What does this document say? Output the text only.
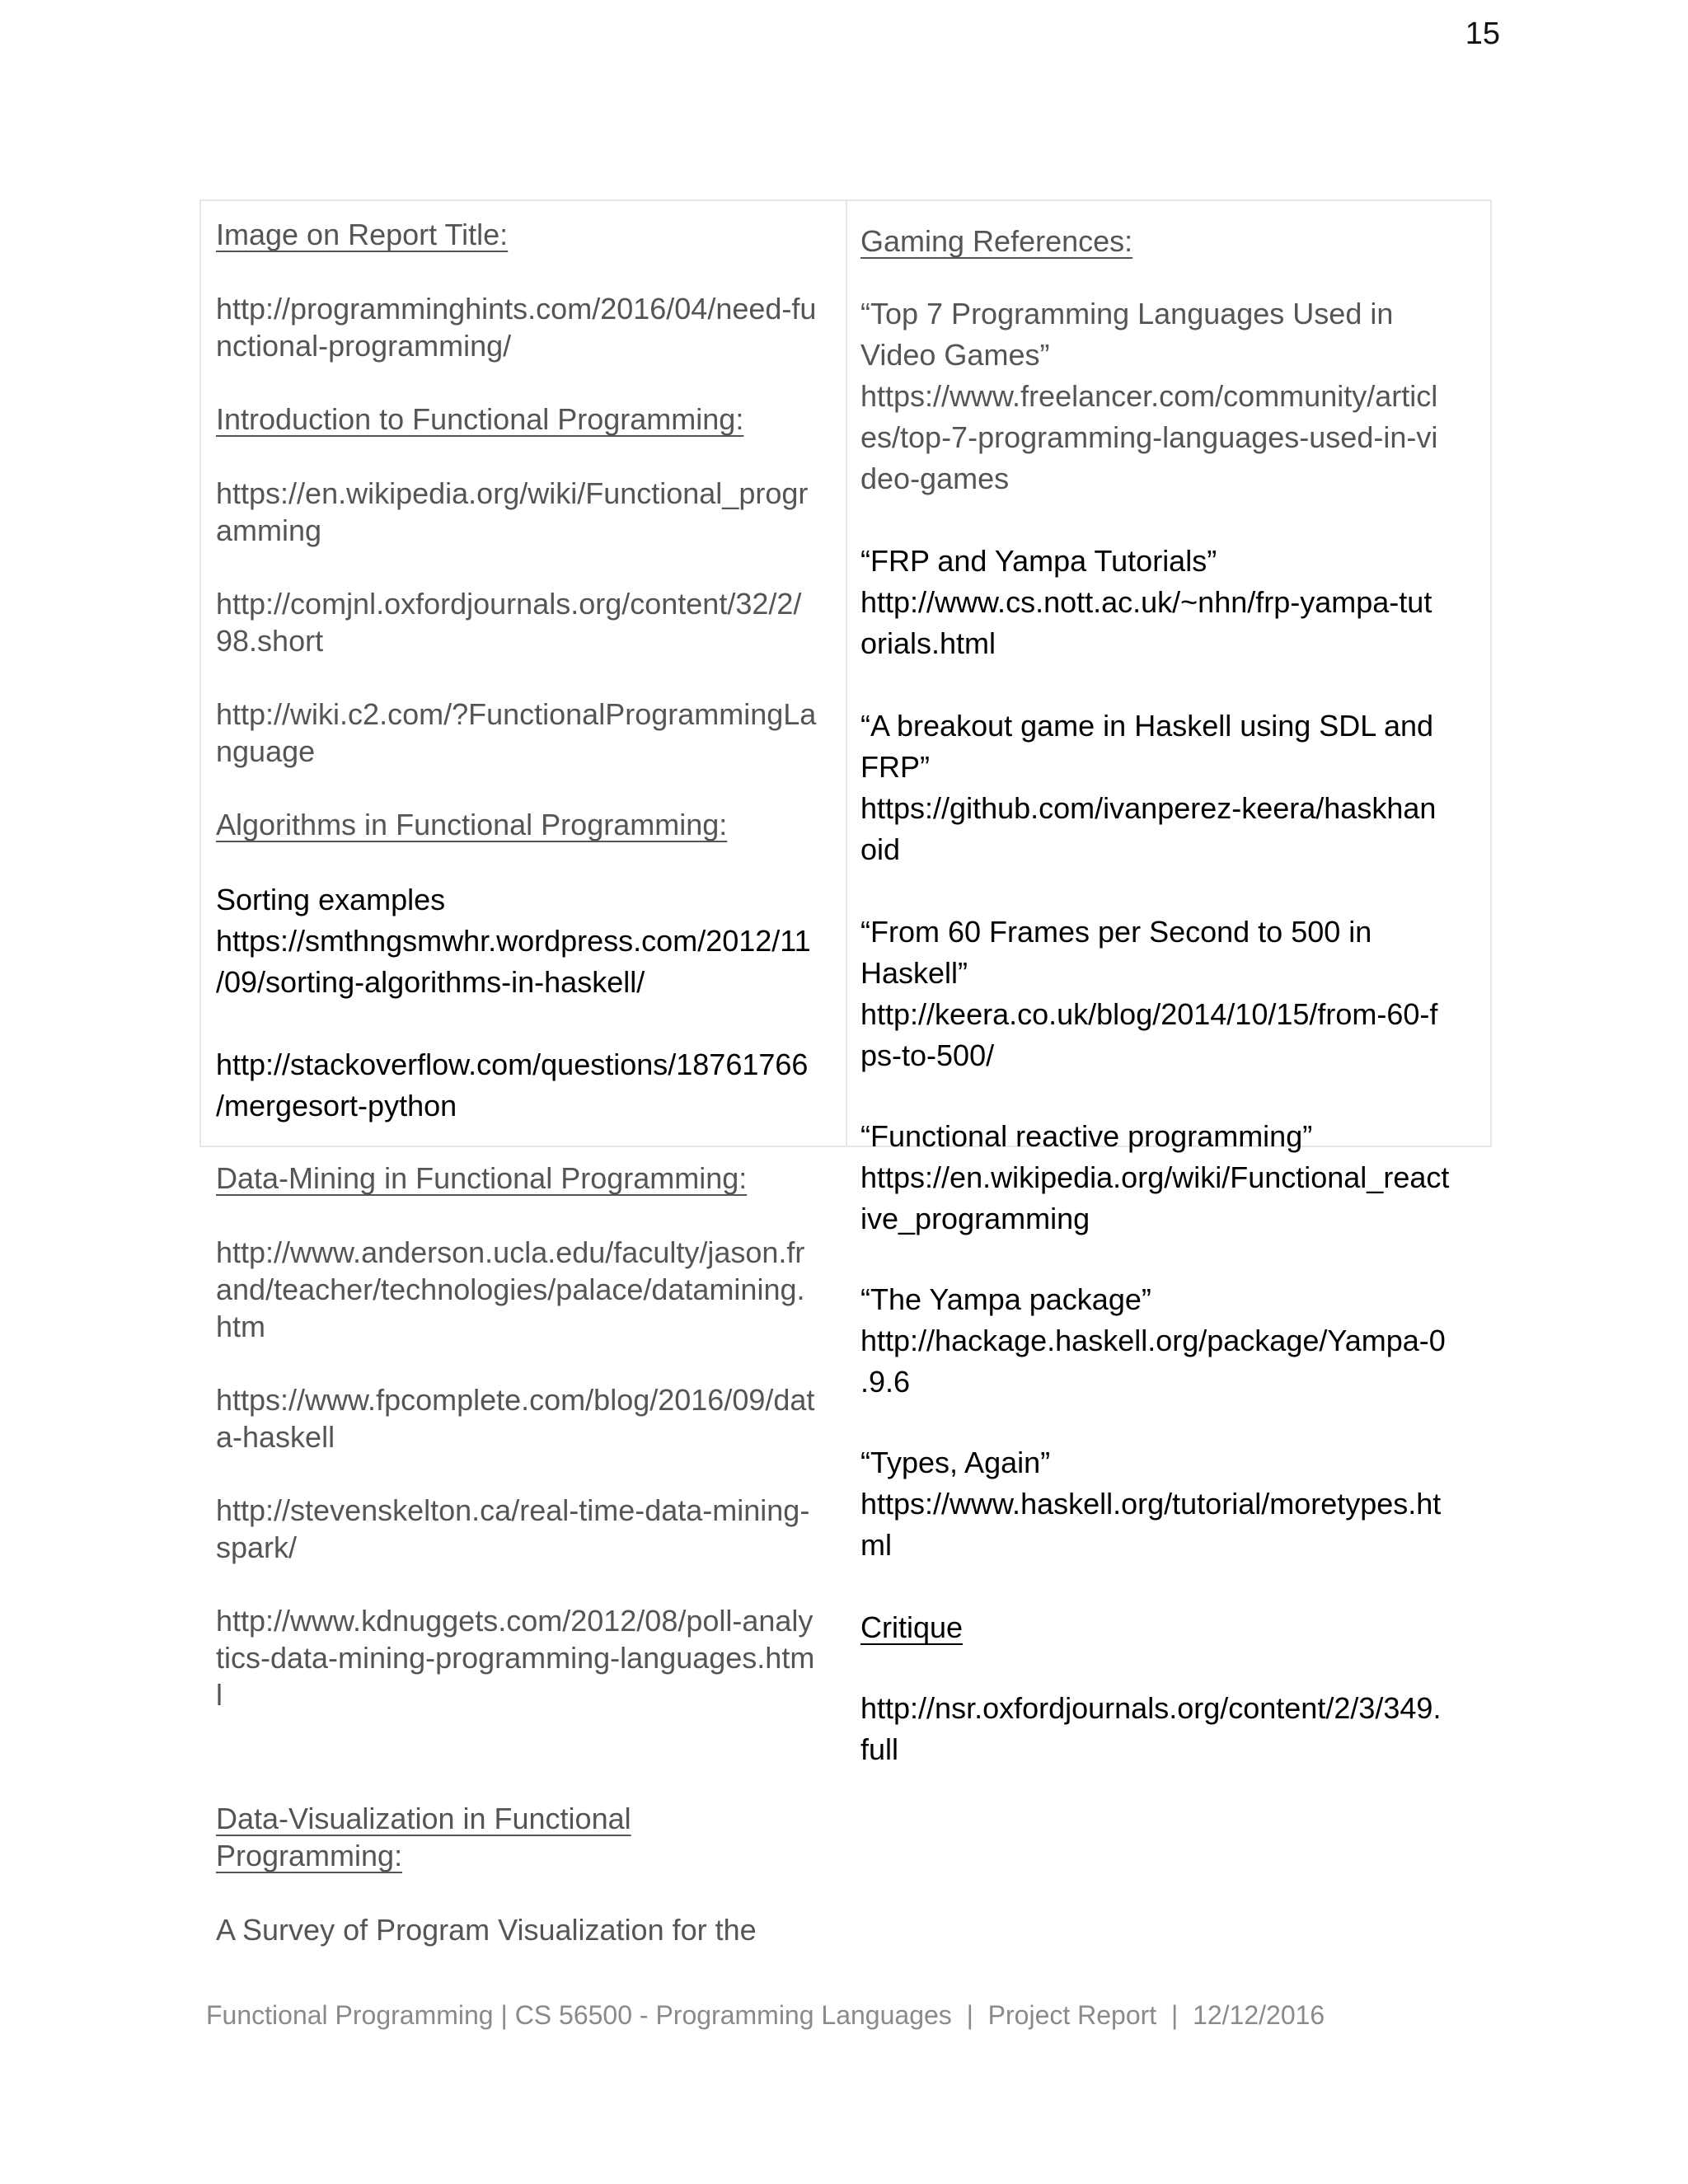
15

Image on Report Title:

http://programminghints.com/2016/04/need-fu
nctional-programming/

Introduction to Functional Programming:

https://en.wikipedia.org/wiki/Functional_progr
amming

http://comjnl.oxfordjournals.org/content/32/2/
98.short

http://wiki.c2.com/?FunctionalProgrammingLa
nguage

Algorithms in Functional Programming:

Sorting examples
https://smthngsmwhr.wordpress.com/2012/11
/09/sorting-algorithms-in-haskell/

http://stackoverflow.com/questions/18761766
/mergesort-python

Data-Mining in Functional Programming:

http://www.anderson.ucla.edu/faculty/jason.fr
and/teacher/technologies/palace/datamining.
htm

https://www.fpcomplete.com/blog/2016/09/dat
a-haskell

http://stevenskelton.ca/real-time-data-mining-
spark/

http://www.kdnuggets.com/2012/08/poll-analy
tics-data-mining-programming-languages.htm
l

Data-Visualization in Functional
Programming:

A Survey of Program Visualization for the

Gaming References:

“Top 7 Programming Languages Used in
Video Games”
https://www.freelancer.com/community/articl
es/top-7-programming-languages-used-in-vi
deo-games

“FRP and Yampa Tutorials”
http://www.cs.nott.ac.uk/~nhn/frp-yampa-tut
orials.html

“A breakout game in Haskell using SDL and
FRP”
https://github.com/ivanperez-keera/haskhan
oid

“From 60 Frames per Second to 500 in
Haskell”
http://keera.co.uk/blog/2014/10/15/from-60-f
ps-to-500/

“Functional reactive programming”
https://en.wikipedia.org/wiki/Functional_react
ive_programming

“The Yampa package”
http://hackage.haskell.org/package/Yampa-0
.9.6

“Types, Again”
https://www.haskell.org/tutorial/moretypes.ht
ml

Critique

http://nsr.oxfordjournals.org/content/2/3/349.
full

Functional Programming | CS 56500 - Programming Languages  |  Project Report  |  12/12/2016
